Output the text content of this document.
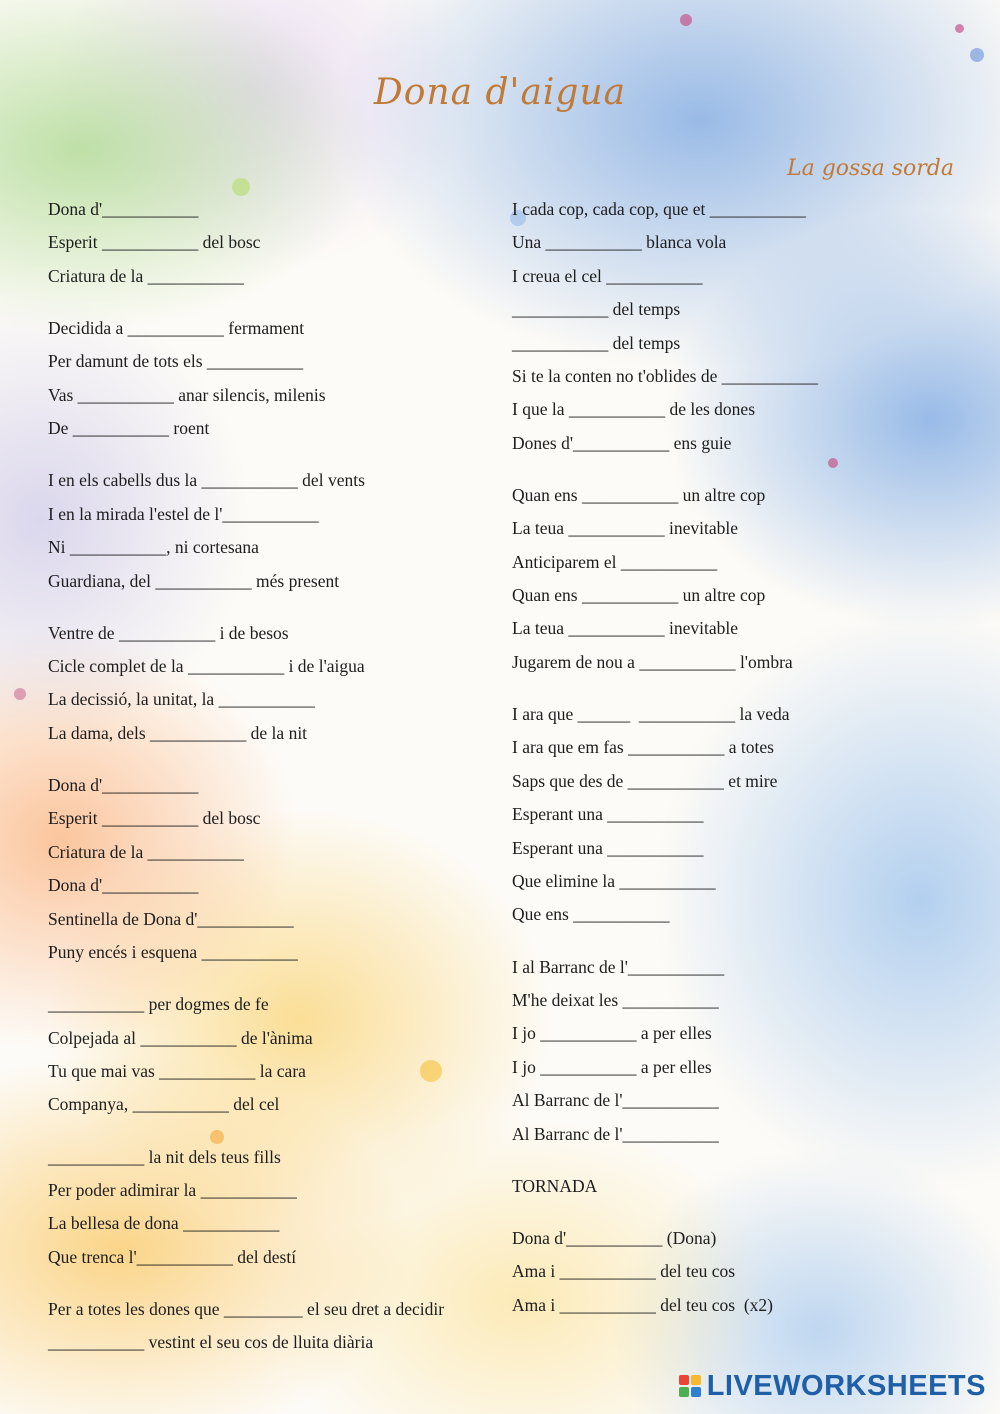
Dona d'aigua
La gossa sorda
Dona d'___________
Esperit ___________ del bosc
Criatura de la ___________
Decidida a ___________ fermament
Per damunt de tots els ___________
Vas ___________ anar silencis, milenis
De ___________ roent
I en els cabells dus la ___________ del vents
I en la mirada l'estel de l'___________
Ni ___________, ni cortesana
Guardiana, del ___________ més present
Ventre de ___________ i de besos
Cicle complet de la ___________ i de l'aigua
La decissió, la unitat, la ___________
La dama, dels ___________ de la nit
Dona d'___________
Esperit ___________ del bosc
Criatura de la ___________
Dona d'___________
Sentinella de Dona d'___________
Puny encés i esquena ___________
___________ per dogmes de fe
Colpejada al ___________ de l'ànima
Tu que mai vas ___________ la cara
Companya, ___________ del cel
___________ la nit dels teus fills
Per poder adimirar la ___________
La bellesa de dona ___________
Que trenca l'___________ del destí
Per a totes les dones que _________ el seu dret a decidir
___________ vestint el seu cos de lluita diària
I cada cop, cada cop, que et ___________
Una ___________ blanca vola
I creua el cel ___________
___________ del temps
___________ del temps
Si te la conten no t'oblides de ___________
I que la ___________ de les dones
Dones d'___________ ens guie
Quan ens ___________ un altre cop
La teua ___________ inevitable
Anticiparem el ___________
Quan ens ___________ un altre cop
La teua ___________ inevitable
Jugarem de nou a ___________ l'ombra
I ara que ______  ___________ la veda
I ara que em fas ___________ a totes
Saps que des de ___________ et mire
Esperant una ___________
Esperant una ___________
Que elimine la ___________
Que ens ___________
I al Barranc de l'___________
M'he deixat les ___________
I jo ___________ a per elles
I jo ___________ a per elles
Al Barranc de l'___________
Al Barranc de l'___________
TORNADA
Dona d'___________ (Dona)
Ama i ___________ del teu cos
Ama i ___________ del teu cos  (x2)
LIVEWORKSHEETS
